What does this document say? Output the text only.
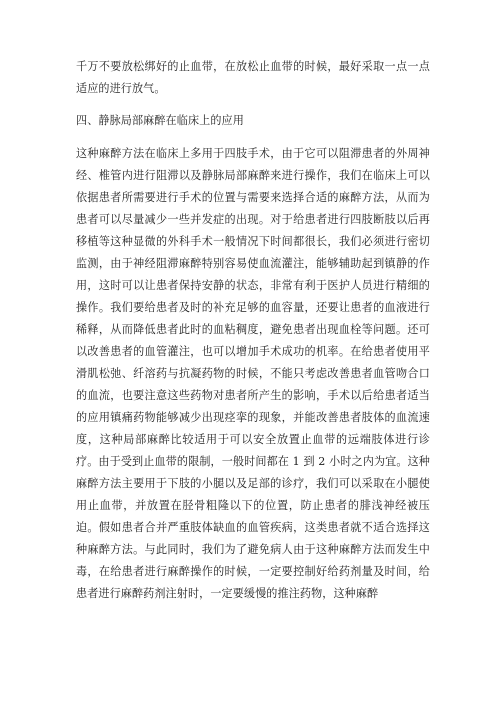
千万不要放松绑好的止血带，在放松止血带的时候，最好采取一点一点适应的进行放气。

四、静脉局部麻醉在临床上的应用

这种麻醉方法在临床上多用于四肢手术，由于它可以阻滞患者的外周神经、椎管内进行阻滞以及静脉局部麻醉来进行操作，我们在临床上可以依据患者所需要进行手术的位置与需要来选择合适的麻醉方法，从而为患者可以尽量减少一些并发症的出现。对于给患者进行四肢断肢以后再移植等这种显微的外科手术一般情况下时间都很长，我们必须进行密切监测，由于神经阻滞麻醉特别容易使血流灌注，能够辅助起到镇静的作用，这时可以让患者保持安静的状态，非常有利于医护人员进行精细的操作。我们要给患者及时的补充足够的血容量，还要让患者的血液进行稀释，从而降低患者此时的血粘稠度，避免患者出现血栓等问题。还可以改善患者的血管灌注，也可以增加手术成功的机率。在给患者使用平滑肌松弛、纤溶药与抗凝药物的时候，不能只考虑改善患者血管吻合口的血流，也要注意这些药物对患者所产生的影响，手术以后给患者适当的应用镇痛药物能够减少出现痉挛的现象，并能改善患者肢体的血流速度，这种局部麻醉比较适用于可以安全放置止血带的远端肢体进行诊疗。由于受到止血带的限制，一般时间都在 1 到 2 小时之内为宜。这种麻醉方法主要用于下肢的小腿以及足部的诊疗，我们可以采取在小腿使用止血带，并放置在胫骨粗隆以下的位置，防止患者的腓浅神经被压迫。假如患者合并严重肢体缺血的血管疾病，这类患者就不适合选择这种麻醉方法。与此同时，我们为了避免病人由于这种麻醉方法而发生中毒，在给患者进行麻醉操作的时候，一定要控制好给药剂量及时间，给患者进行麻醉药剂注射时，一定要缓慢的推注药物，这种麻醉
